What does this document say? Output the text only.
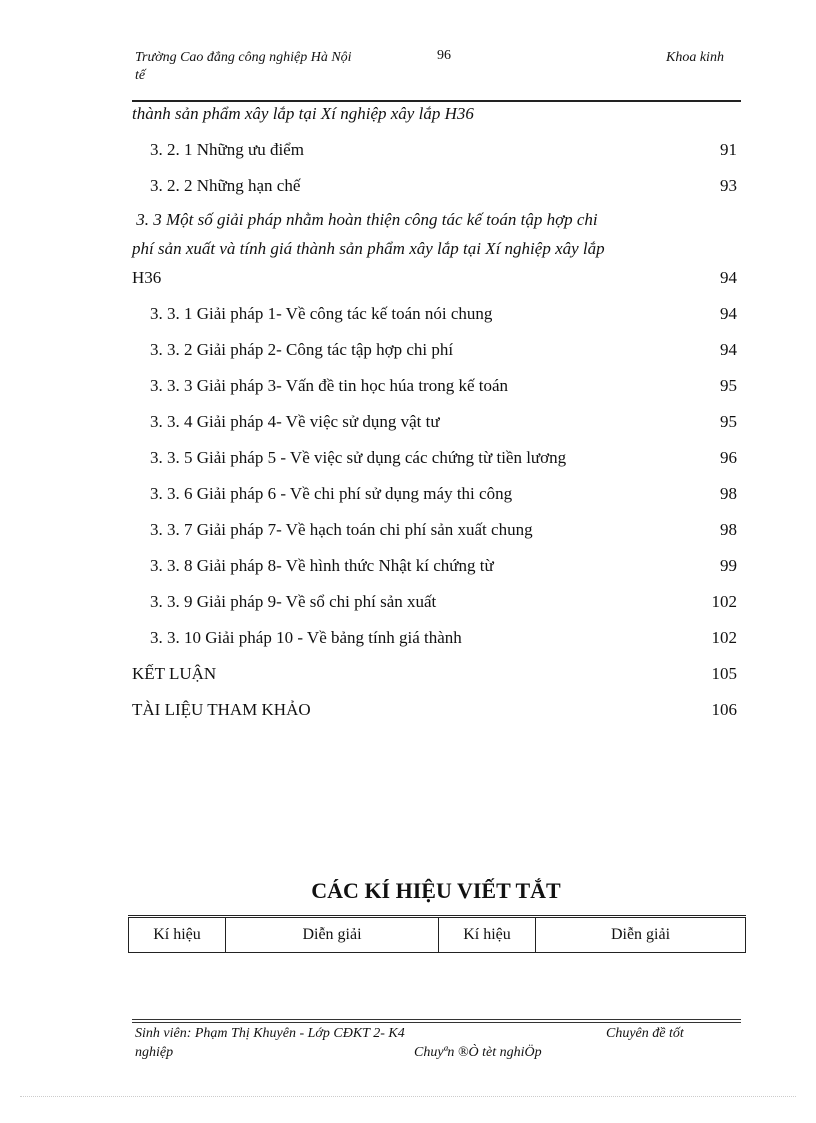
Trường Cao đẳng công nghiệp Hà Nội
tế
96	Khoa kinh
thành sản phẩm xây lắp tại Xí nghiệp xây lắp H36
3. 2. 1 Những ưu điểm	91
3. 2. 2 Những hạn chế	93
3. 3 Một số giải pháp nhằm hoàn thiện công tác kế toán tập hợp chi
phí sản xuất và tính giá thành sản phẩm xây lắp tại Xí nghiệp xây lắp
H36	94
3. 3. 1 Giải pháp 1- Về công tác kế toán nói chung	94
3. 3. 2 Giải pháp 2- Công tác tập hợp chi phí	94
3. 3. 3 Giải pháp 3- Vấn đề tin học húa trong kế toán	95
3. 3. 4 Giải pháp 4- Về việc sử dụng vật tư	95
3. 3. 5 Giải pháp 5 - Về việc sử dụng các chứng từ tiền lương	96
3. 3. 6 Giải pháp 6 - Về chi phí sử dụng máy thi công	98
3. 3. 7 Giải pháp 7- Về hạch toán chi phí sản xuất chung	98
3. 3. 8 Giải pháp 8- Về hình thức Nhật kí chứng từ	99
3. 3. 9 Giải pháp 9- Về sổ chi phí sản xuất	102
3. 3. 10 Giải pháp 10 - Về bảng tính giá thành	102
KẾT LUẬN	105
TÀI LIỆU THAM KHẢO	106
CÁC KÍ HIỆU VIẾT TẮT
Kí hiệu	Diễn giải	Kí hiệu	Diễn giải
Sinh viên: Phạm Thị Khuyên - Lớp CĐKT 2- K4	Chuyên đề tốt
nghiệp	Chuyªn ®Ò tèt nghiÖp
